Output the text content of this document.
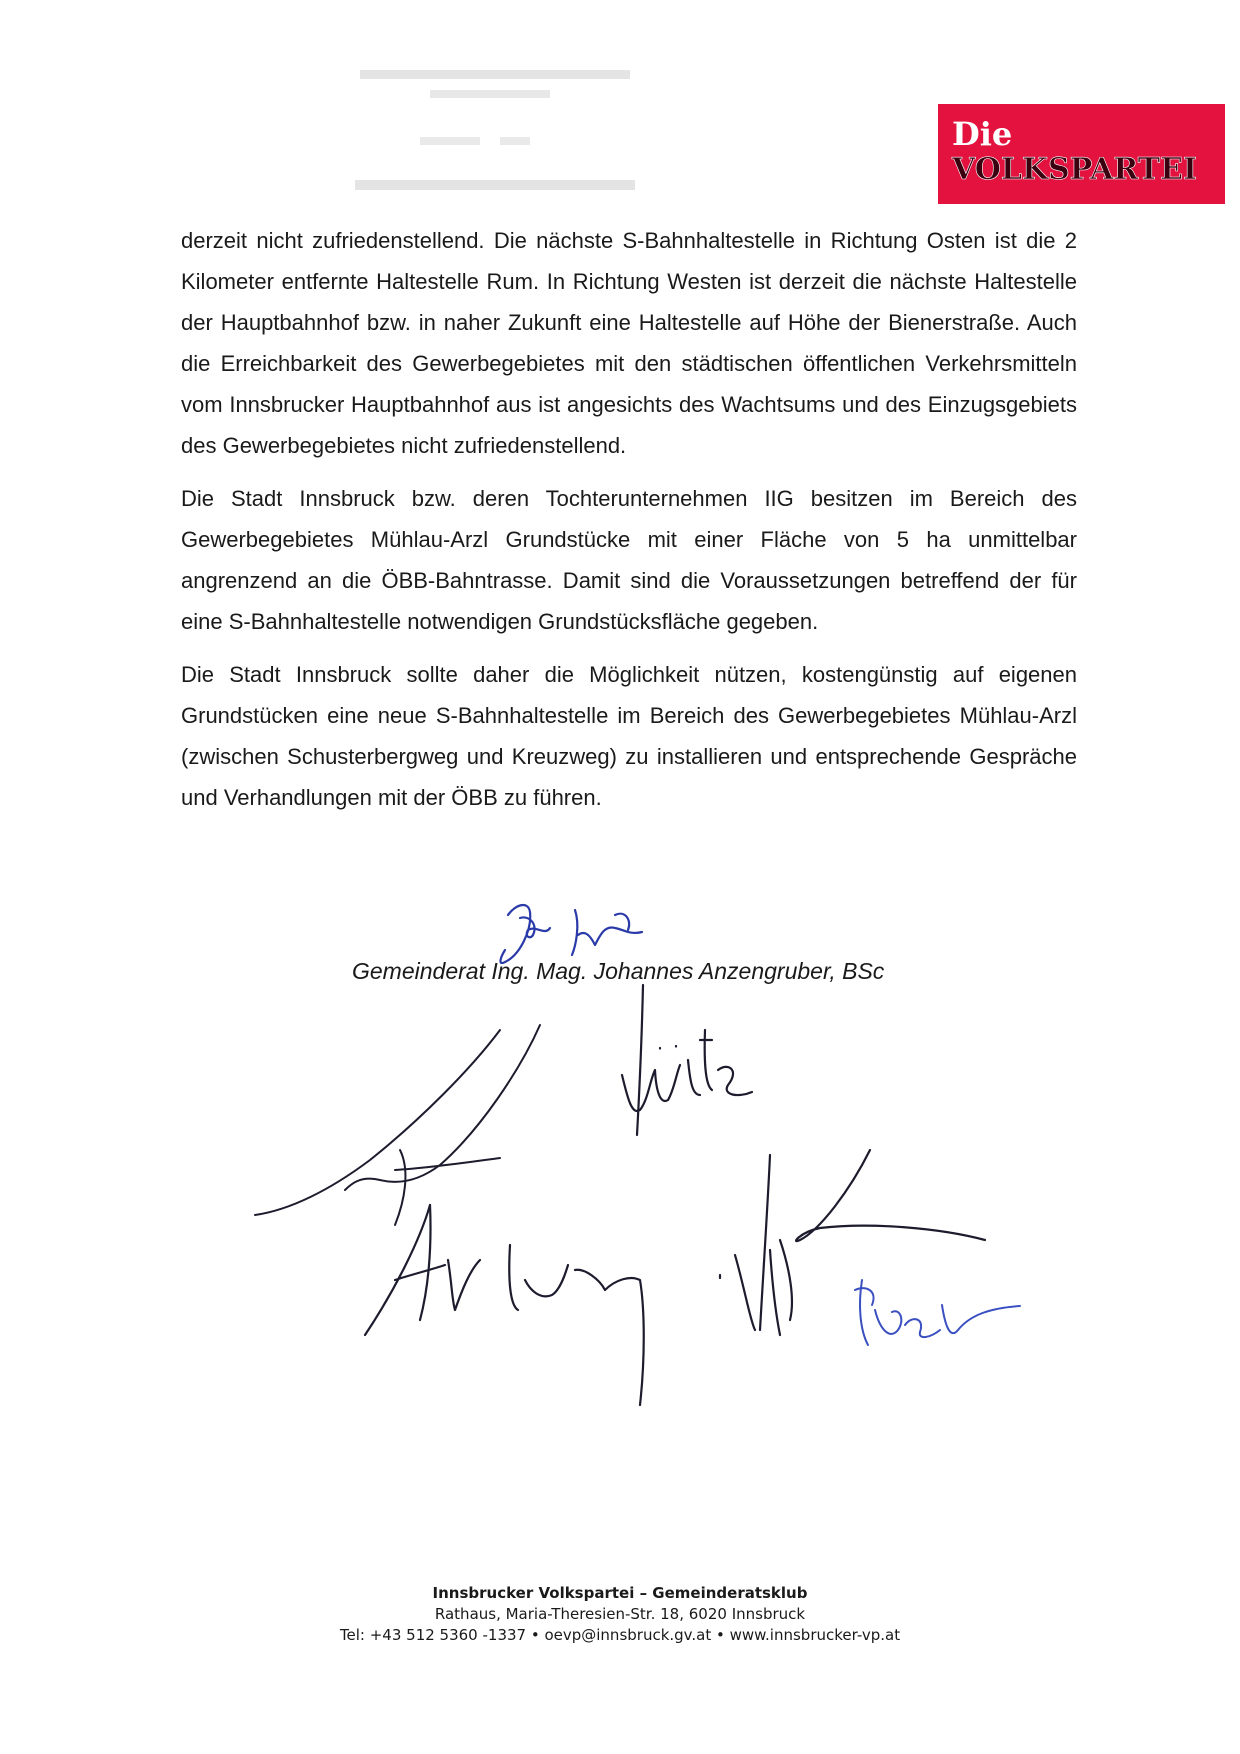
Die
VOLKSPARTEI

derzeit nicht zufriedenstellend. Die nächste S-Bahnhaltestelle in Richtung Osten ist die 2 Kilometer entfernte Haltestelle Rum. In Richtung Westen ist derzeit die nächste Haltestelle der Hauptbahnhof bzw. in naher Zukunft eine Haltestelle auf Höhe der Bienerstraße. Auch die Erreichbarkeit des Gewerbegebietes mit den städtischen öffentlichen Verkehrsmitteln vom Innsbrucker Hauptbahnhof aus ist angesichts des Wachtsums und des Einzugsgebiets des Gewerbegebietes nicht zufriedenstellend.

Die Stadt Innsbruck bzw. deren Tochterunternehmen IIG besitzen im Bereich des Gewerbegebietes Mühlau-Arzl Grundstücke mit einer Fläche von 5 ha unmittelbar angrenzend an die ÖBB-Bahntrasse. Damit sind die Voraussetzungen betreffend der für eine S-Bahnhaltestelle notwendigen Grundstücksfläche gegeben.

Die Stadt Innsbruck sollte daher die Möglichkeit nützen, kostengünstig auf eigenen Grundstücken eine neue S-Bahnhaltestelle im Bereich des Gewerbegebietes Mühlau-Arzl (zwischen Schusterbergweg und Kreuzweg) zu installieren und entsprechende Gespräche und Verhandlungen mit der ÖBB zu führen.

Gemeinderat Ing. Mag. Johannes Anzengruber, BSc
Innsbrucker Volkspartei – Gemeinderatsklub
Rathaus, Maria-Theresien-Str. 18, 6020 Innsbruck
Tel: +43 512 5360 -1337 • oevp@innsbruck.gv.at • www.innsbrucker-vp.at
